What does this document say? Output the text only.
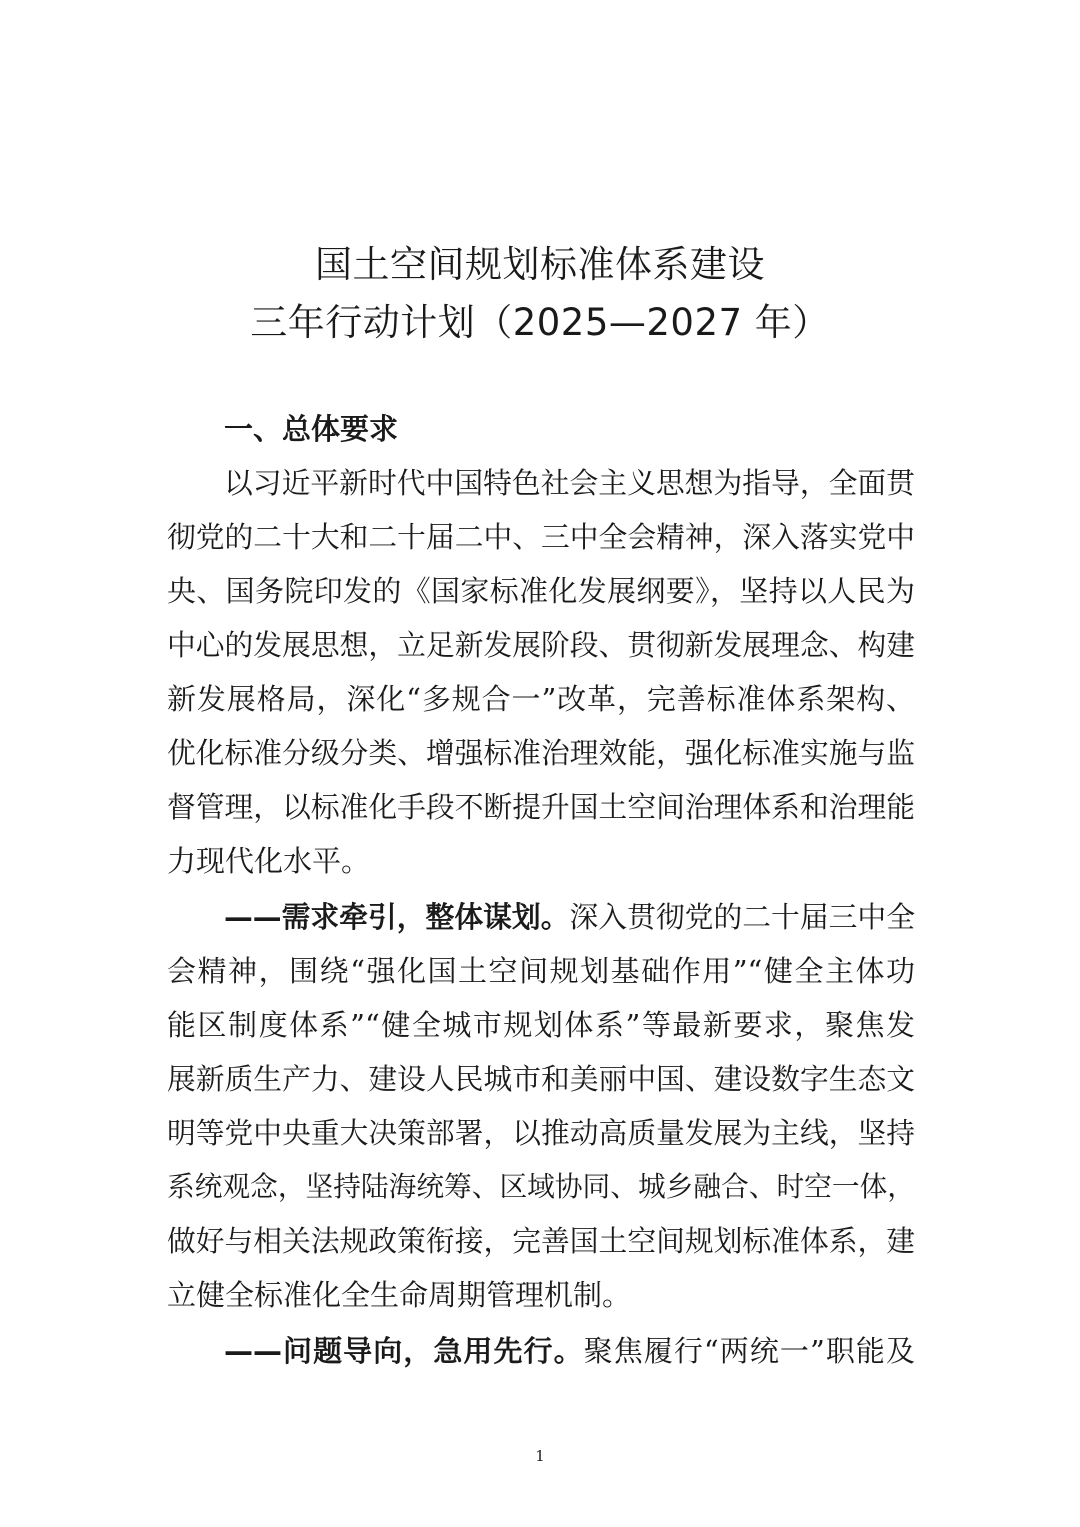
国土空间规划标准体系建设
三年行动计划（2025—2027 年）
一、总体要求
以习近平新时代中国特色社会主义思想为指导，全面贯
彻党的二十大和二十届二中、三中全会精神，深入落实党中
央、国务院印发的《国家标准化发展纲要》，坚持以人民为
中心的发展思想，立足新发展阶段、贯彻新发展理念、构建
新发展格局，深化“多规合一”改革，完善标准体系架构、
优化标准分级分类、增强标准治理效能，强化标准实施与监
督管理，以标准化手段不断提升国土空间治理体系和治理能
力现代化水平。
——需求牵引，整体谋划。深入贯彻党的二十届三中全
会精神，围绕“强化国土空间规划基础作用”“健全主体功
能区制度体系”“健全城市规划体系”等最新要求，聚焦发
展新质生产力、建设人民城市和美丽中国、建设数字生态文
明等党中央重大决策部署，以推动高质量发展为主线，坚持
系统观念，坚持陆海统筹、区域协同、城乡融合、时空一体，
做好与相关法规政策衔接，完善国土空间规划标准体系，建
立健全标准化全生命周期管理机制。
——问题导向，急用先行。聚焦履行“两统一”职能及
1
